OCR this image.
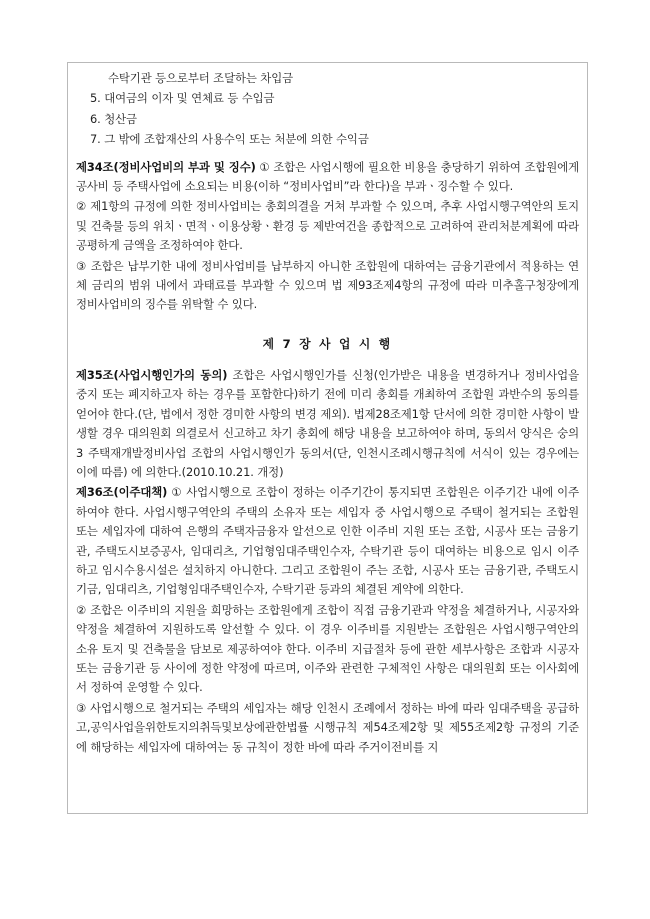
수탁기관 등으로부터 조달하는 차입금

5. 대여금의 이자 및 연체료 등 수입금

6. 청산금

7. 그 밖에 조합재산의 사용수익 또는 처분에 의한 수익금

제34조(정비사업비의 부과 및 징수) ① 조합은 사업시행에 필요한 비용을 충당하기 위하여 조합원에게 공사비 등 주택사업에 소요되는 비용(이하 “정비사업비”라 한다)을 부과ㆍ징수할 수 있다.

② 제1항의 규정에 의한 정비사업비는 총회의결을 거쳐 부과할 수 있으며, 추후 사업시행구역안의 토지 및 건축물 등의 위치ㆍ면적ㆍ이용상황ㆍ환경 등 제반여건을 종합적으로 고려하여 관리처분계획에 따라 공평하게 금액을 조정하여야 한다.

③ 조합은 납부기한 내에 정비사업비를 납부하지 아니한 조합원에 대하여는 금융기관에서 적용하는 연체 금리의 범위 내에서 과태료를 부과할 수 있으며 법 제93조제4항의 규정에 따라 미추홀구청장에게 정비사업비의 징수를 위탁할 수 있다.

제 7 장 사 업 시 행

제35조(사업시행인가의 동의) 조합은 사업시행인가를 신청(인가받은 내용을 변경하거나 정비사업을 중지 또는 폐지하고자 하는 경우를 포함한다)하기 전에 미리 총회를 개최하여 조합원 과반수의 동의를 얻어야 한다.(단, 법에서 정한 경미한 사항의 변경 제외). 법제28조제1항 단서에 의한 경미한 사항이 발생할 경우 대의원회 의결로서 신고하고 차기 총회에 해당 내용을 보고하여야 하며, 동의서 양식은 숭의3 주택재개발정비사업 조합의 사업시행인가 동의서(단, 인천시조례시행규칙에 서식이 있는 경우에는 이에 따름) 에 의한다.(2010.10.21. 개정)

제36조(이주대책) ① 사업시행으로 조합이 정하는 이주기간이 통지되면 조합원은 이주기간 내에 이주하여야 한다. 사업시행구역안의 주택의 소유자 또는 세입자 중 사업시행으로 주택이 철거되는 조합원 또는 세입자에 대하여 은행의 주택자금융자 알선으로 인한 이주비 지원 또는 조합, 시공사 또는 금융기관, 주택도시보증공사, 임대리츠, 기업형임대주택인수자, 수탁기관 등이 대여하는 비용으로 임시 이주하고 임시수용시설은 설치하지 아니한다. 그리고 조합원이 주는 조합, 시공사 또는 금융기관, 주택도시기금, 임대리츠, 기업형임대주택인수자, 수탁기관 등과의 체결된 계약에 의한다.

② 조합은 이주비의 지원을 희망하는 조합원에게 조합이 직접 금융기관과 약정을 체결하거나, 시공자와 약정을 체결하여 지원하도록 알선할 수 있다. 이 경우 이주비를 지원받는 조합원은 사업시행구역안의 소유 토지 및 건축물을 담보로 제공하여야 한다. 이주비 지급절차 등에 관한 세부사항은 조합과 시공자 또는 금융기관 등 사이에 정한 약정에 따르며, 이주와 관련한 구체적인 사항은 대의원회 또는 이사회에서 정하여 운영할 수 있다.

③ 사업시행으로 철거되는 주택의 세입자는 해당 인천시 조례에서 정하는 바에 따라 임대주택을 공급하고,공익사업을위한토지의취득및보상에관한법률 시행규칙 제54조제2항 및 제55조제2항 규정의 기준에 해당하는 세입자에 대하여는 동 규칙이 정한 바에 따라 주거이전비를 지
